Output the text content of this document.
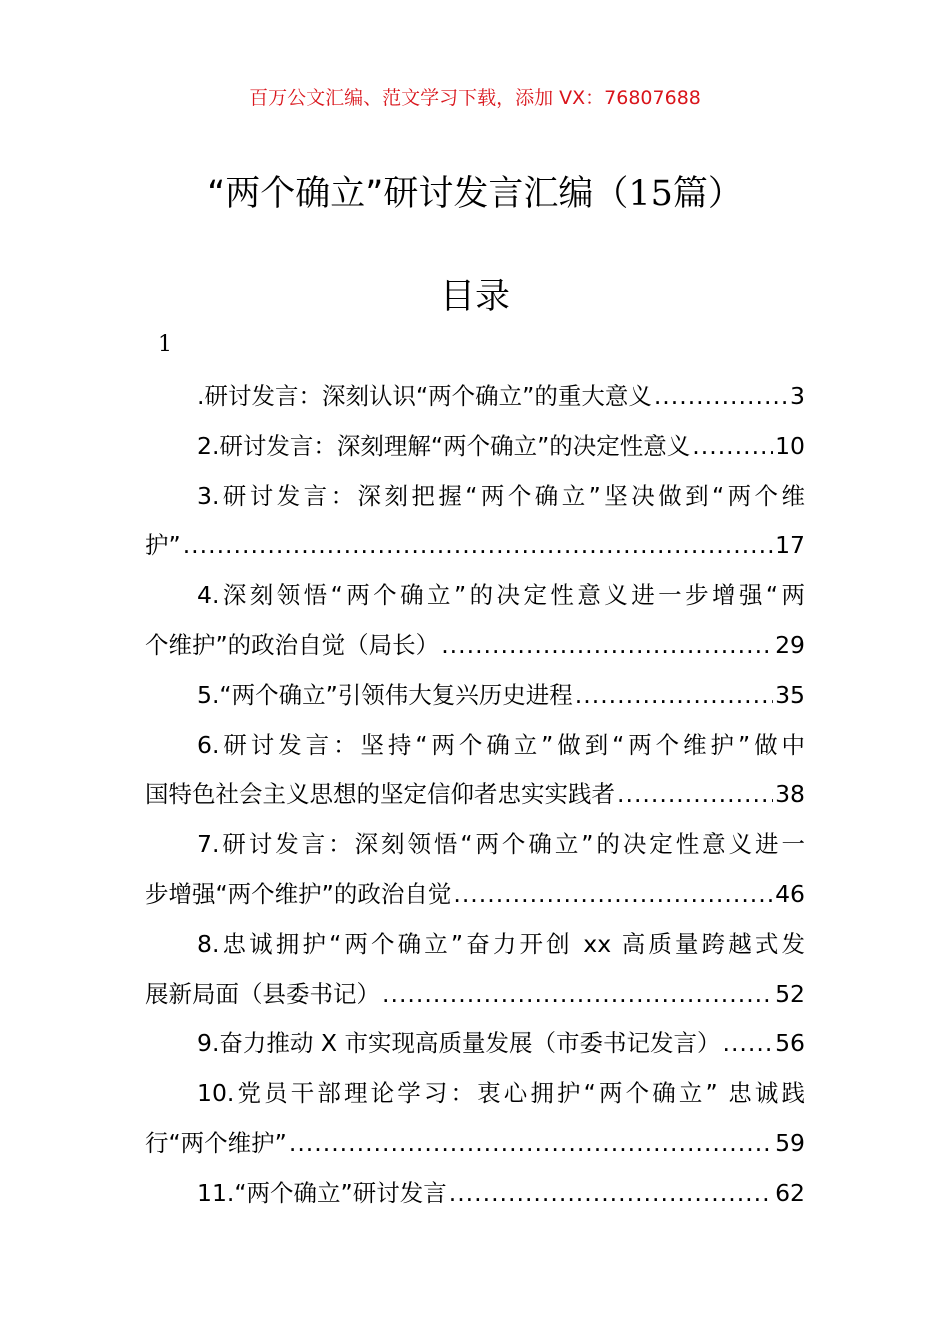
百万公文汇编、范文学习下载，添加 VX：76807688
“两个确立”研讨发言汇编（15篇）
目录
1
.研讨发言：深刻认识“两个确立”的重大意义 .....	3
2.研讨发言：深刻理解“两个确立”的决定性意义 .....	10
3.研讨发言：深刻把握“两个确立”坚决做到“两个维
护” .....	17
4.深刻领悟“两个确立”的决定性意义进一步增强“两
个维护”的政治自觉（局长） .....	29
5.“两个确立”引领伟大复兴历史进程 .....	35
6.研讨发言：坚持“两个确立”做到“两个维护”做中
国特色社会主义思想的坚定信仰者忠实实践者 .....	38
7.研讨发言：深刻领悟“两个确立”的决定性意义进一
步增强“两个维护”的政治自觉 .....	46
8.忠诚拥护“两个确立”奋力开创 xx 高质量跨越式发
展新局面（县委书记） .....	52
9.奋力推动 X 市实现高质量发展（市委书记发言） ..... 56
10.党员干部理论学习：衷心拥护“两个确立” 忠诚践
行“两个维护” .....	59
11.“两个确立”研讨发言 .....	62
